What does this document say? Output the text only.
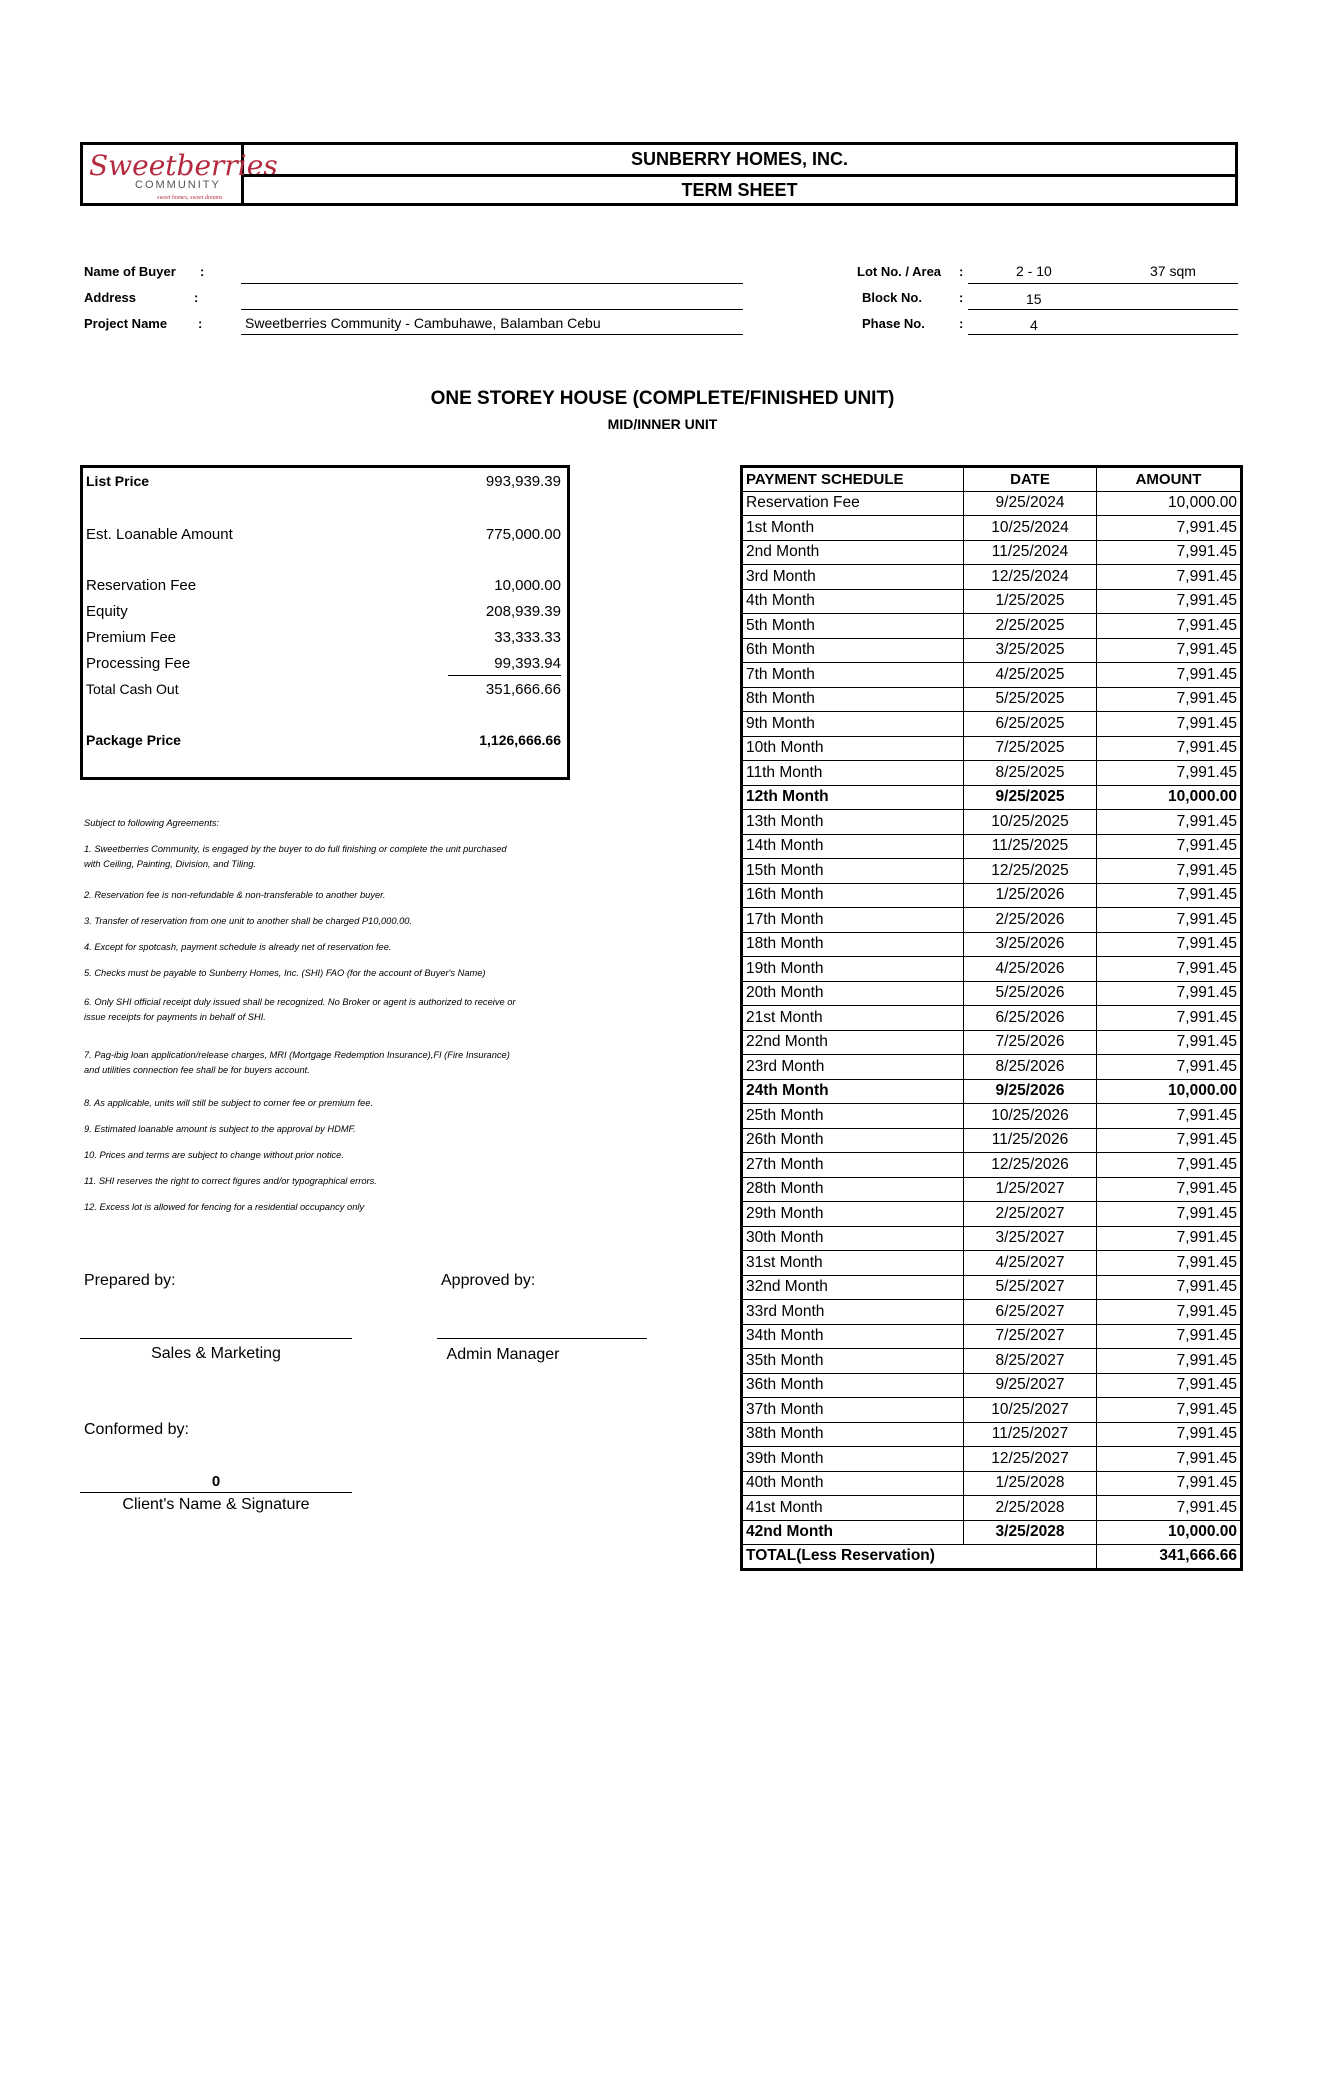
Sweetberries
COMMUNITY
sweet homes, sweet dreams
SUNBERRY HOMES, INC.
TERM SHEET
Name of Buyer :
Address	:
Project Name :	Sweetberries Community - Cambuhawe, Balamban Cebu
Lot No. / Area :	2 - 10	37 sqm
Block No.	:	15
Phase No.	:	4
ONE STOREY HOUSE (COMPLETE/FINISHED UNIT)
MID/INNER UNIT
List Price	993,939.39
Est. Loanable Amount	775,000.00
Reservation Fee	10,000.00
Equity	208,939.39
Premium Fee	33,333.33
Processing Fee	99,393.94
Total Cash Out	351,666.66
Package Price	1,126,666.66
Subject to following Agreements:
1. Sweetberries Community, is engaged by the buyer to do full finishing or complete the unit purchased
with Ceiling, Painting, Division, and Tiling.
2. Reservation fee is non-refundable & non-transferable to another buyer.
3. Transfer of reservation from one unit to another shall be charged P10,000.00.
4. Except for spotcash, payment schedule is already net of reservation fee.
5. Checks must be payable to Sunberry Homes, Inc. (SHI) FAO (for the account of Buyer's Name)
6. Only SHI official receipt duly issued shall be recognized. No Broker or agent is authorized to receive or
issue receipts for payments in behalf of SHI.
7. Pag-ibig loan application/release charges, MRI (Mortgage Redemption Insurance),FI (Fire Insurance)
and utilities connection fee shall be for buyers account.
8. As applicable, units will still be subject to corner fee or premium fee.
9. Estimated loanable amount is subject to the approval by HDMF.
10. Prices and terms are subject to change without prior notice.
11. SHI reserves the right to correct figures and/or typographical errors.
12. Excess lot is allowed for fencing for a residential occupancy only
Prepared by:
Sales & Marketing
Approved by:
Admin Manager
Conformed by:
0
Client's Name & Signature
PAYMENT SCHEDULE	DATE	AMOUNT
Reservation Fee	9/25/2024	10,000.00
1st Month	10/25/2024	7,991.45
2nd Month	11/25/2024	7,991.45
3rd Month	12/25/2024	7,991.45
4th Month	1/25/2025	7,991.45
5th Month	2/25/2025	7,991.45
6th Month	3/25/2025	7,991.45
7th Month	4/25/2025	7,991.45
8th Month	5/25/2025	7,991.45
9th Month	6/25/2025	7,991.45
10th Month	7/25/2025	7,991.45
11th Month	8/25/2025	7,991.45
12th Month	9/25/2025	10,000.00
13th Month	10/25/2025	7,991.45
14th Month	11/25/2025	7,991.45
15th Month	12/25/2025	7,991.45
16th Month	1/25/2026	7,991.45
17th Month	2/25/2026	7,991.45
18th Month	3/25/2026	7,991.45
19th Month	4/25/2026	7,991.45
20th Month	5/25/2026	7,991.45
21st Month	6/25/2026	7,991.45
22nd Month	7/25/2026	7,991.45
23rd Month	8/25/2026	7,991.45
24th Month	9/25/2026	10,000.00
25th Month	10/25/2026	7,991.45
26th Month	11/25/2026	7,991.45
27th Month	12/25/2026	7,991.45
28th Month	1/25/2027	7,991.45
29th Month	2/25/2027	7,991.45
30th Month	3/25/2027	7,991.45
31st Month	4/25/2027	7,991.45
32nd Month	5/25/2027	7,991.45
33rd Month	6/25/2027	7,991.45
34th Month	7/25/2027	7,991.45
35th Month	8/25/2027	7,991.45
36th Month	9/25/2027	7,991.45
37th Month	10/25/2027	7,991.45
38th Month	11/25/2027	7,991.45
39th Month	12/25/2027	7,991.45
40th Month	1/25/2028	7,991.45
41st Month	2/25/2028	7,991.45
42nd Month	3/25/2028	10,000.00
TOTAL(Less Reservation)		341,666.66
